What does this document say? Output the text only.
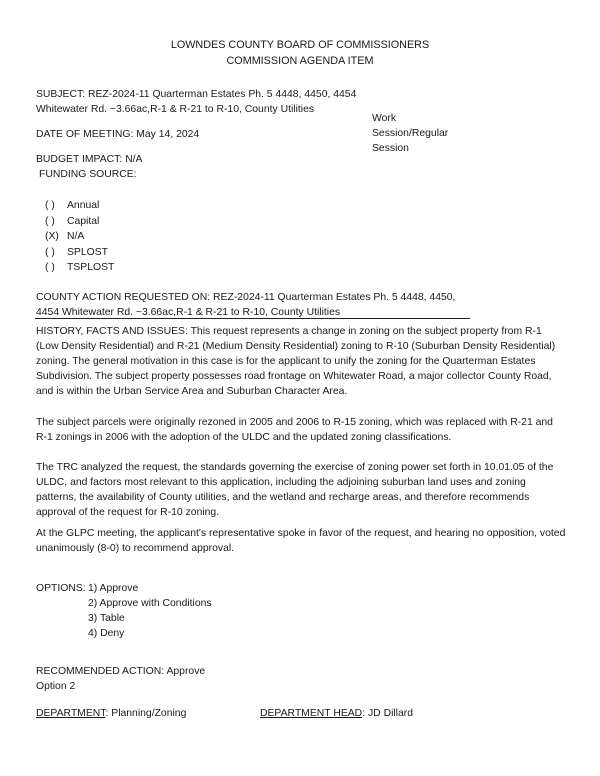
LOWNDES COUNTY BOARD OF COMMISSIONERS
COMMISSION AGENDA ITEM
SUBJECT: REZ-2024-11 Quarterman Estates Ph. 5 4448, 4450, 4454
Whitewater Rd. ~3.66ac,R-1 & R-21 to R-10, County Utilities
DATE OF MEETING: May 14, 2024
Work
Session/Regular
Session
BUDGET IMPACT: N/A
FUNDING SOURCE:
( ) Annual
( ) Capital
(X) N/A
( ) SPLOST
( ) TSPLOST
COUNTY ACTION REQUESTED ON: REZ-2024-11 Quarterman Estates Ph. 5 4448, 4450,
4454 Whitewater Rd. ~3.66ac,R-1 & R-21 to R-10, County Utilities
HISTORY, FACTS AND ISSUES: This request represents a change in zoning on the subject property from R-1 (Low Density Residential) and R-21 (Medium Density Residential) zoning to R-10 (Suburban Density Residential) zoning. The general motivation in this case is for the applicant to unify the zoning for the Quarterman Estates Subdivision. The subject property possesses road frontage on Whitewater Road, a major collector County Road, and is within the Urban Service Area and Suburban Character Area.
The subject parcels were originally rezoned in 2005 and 2006 to R-15 zoning, which was replaced with R-21 and R-1 zonings in 2006 with the adoption of the ULDC and the updated zoning classifications.
The TRC analyzed the request, the standards governing the exercise of zoning power set forth in 10.01.05 of the ULDC, and factors most relevant to this application, including the adjoining suburban land uses and zoning patterns, the availability of County utilities, and the wetland and recharge areas, and therefore recommends approval of the request for R-10 zoning.
At the GLPC meeting, the applicant's representative spoke in favor of the request, and hearing no opposition, voted unanimously (8-0) to recommend approval.
OPTIONS: 1) Approve
2) Approve with Conditions
3) Table
4) Deny
RECOMMENDED ACTION: Approve
Option 2
DEPARTMENT: Planning/Zoning	DEPARTMENT HEAD: JD Dillard
